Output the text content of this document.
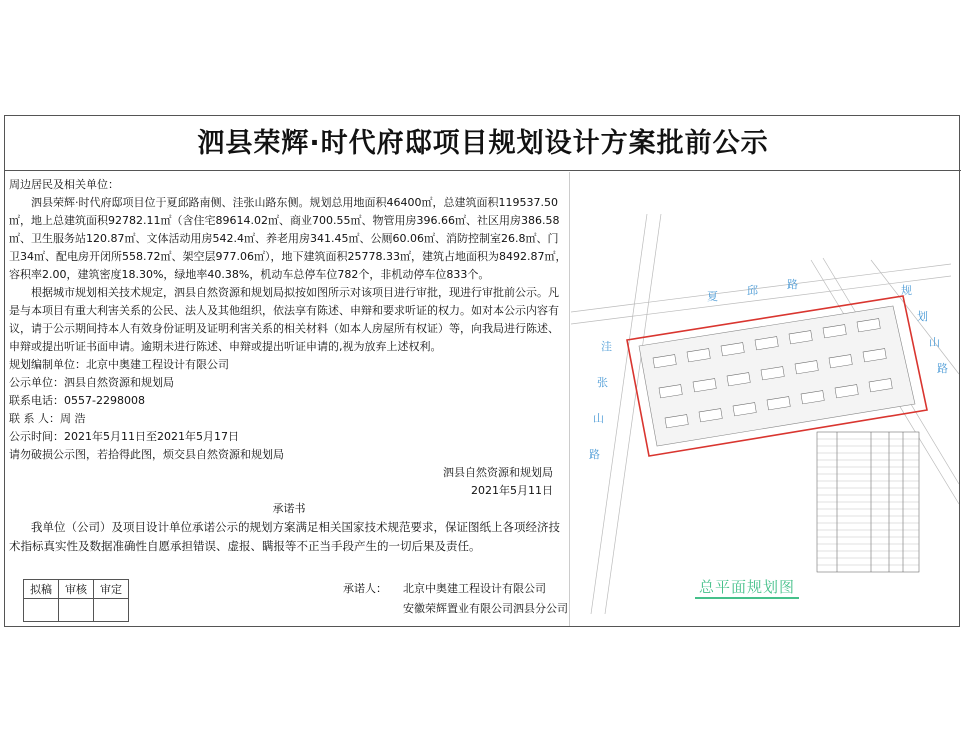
泗县荣辉·时代府邸项目规划设计方案批前公示

周边居民及相关单位：

泗县荣辉·时代府邸项目位于夏邱路南侧、洼张山路东侧。规划总用地面积46400㎡，总建筑面积119537.50㎡，地上总建筑面积92782.11㎡（含住宅89614.02㎡、商业700.55㎡、物管用房396.66㎡、社区用房386.58㎡、卫生服务站120.87㎡、文体活动用房542.4㎡、养老用房341.45㎡、公厕60.06㎡、消防控制室26.8㎡、门卫34㎡、配电房开闭所558.72㎡、架空层977.06㎡），地下建筑面积25778.33㎡，建筑占地面积为8492.87㎡，容积率2.00，建筑密度18.30%，绿地率40.38%，机动车总停车位782个，非机动停车位833个。

根据城市规划相关技术规定，泗县自然资源和规划局拟按如图所示对该项目进行审批，现进行审批前公示。凡是与本项目有重大利害关系的公民、法人及其他组织，依法享有陈述、申辩和要求听证的权力。如对本公示内容有议，请于公示期间持本人有效身份证明及证明利害关系的相关材料（如本人房屋所有权证）等，向我局进行陈述、申辩或提出听证书面申请。逾期未进行陈述、申辩或提出听证申请的,视为放弃上述权利。

规划编制单位：北京中奥建工程设计有限公司

公示单位：泗县自然资源和规划局

联系电话：0557-2298008

联 系 人：周 浩

公示时间：2021年5月11日至2021年5月17日

请勿破损公示图，若拾得此图，烦交县自然资源和规划局

泗县自然资源和规划局

2021年5月11日

承诺书

我单位（公司）及项目设计单位承诺公示的规划方案满足相关国家技术规范要求，保证图纸上各项经济技术指标真实性及数据准确性自愿承担错误、虚报、瞒报等不正当手段产生的一切后果及责任。

拟稿	审核	审定
			承诺人：	北京中奥建工程设计有限公司
安徽荣辉置业有限公司泗县分公司
夏	邱	路
洼
张
山
路
规
划
山
路
总平面规划图
